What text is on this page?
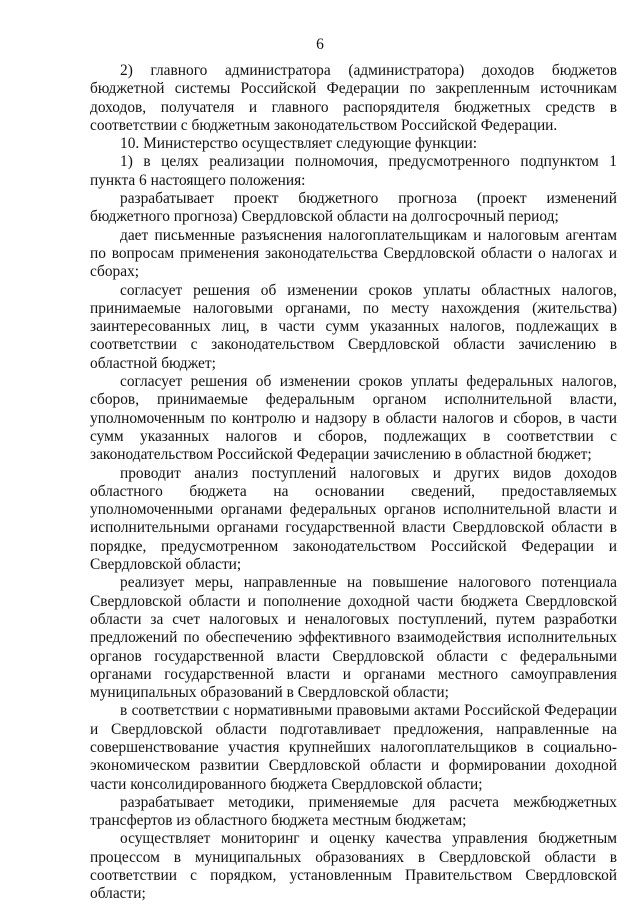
6

2) главного администратора (администратора) доходов бюджетов бюджетной системы Российской Федерации по закрепленным источникам доходов, получателя и главного распорядителя бюджетных средств в соответствии с бюджетным законодательством Российской Федерации.

10. Министерство осуществляет следующие функции:

1) в целях реализации полномочия, предусмотренного подпунктом 1 пункта 6 настоящего положения:

разрабатывает проект бюджетного прогноза (проект изменений бюджетного прогноза) Свердловской области на долгосрочный период;

дает письменные разъяснения налогоплательщикам и налоговым агентам по вопросам применения законодательства Свердловской области о налогах и сборах;

согласует решения об изменении сроков уплаты областных налогов, принимаемые налоговыми органами, по месту нахождения (жительства) заинтересованных лиц, в части сумм указанных налогов, подлежащих в соответствии с законодательством Свердловской области зачислению в областной бюджет;

согласует решения об изменении сроков уплаты федеральных налогов, сборов, принимаемые федеральным органом исполнительной власти, уполномоченным по контролю и надзору в области налогов и сборов, в части сумм указанных налогов и сборов, подлежащих в соответствии с законодательством Российской Федерации зачислению в областной бюджет;

проводит анализ поступлений налоговых и других видов доходов областного бюджета на основании сведений, предоставляемых уполномоченными органами федеральных органов исполнительной власти и исполнительными органами государственной власти Свердловской области в порядке, предусмотренном законодательством Российской Федерации и Свердловской области;

реализует меры, направленные на повышение налогового потенциала Свердловской области и пополнение доходной части бюджета Свердловской области за счет налоговых и неналоговых поступлений, путем разработки предложений по обеспечению эффективного взаимодействия исполнительных органов государственной власти Свердловской области с федеральными органами государственной власти и органами местного самоуправления муниципальных образований в Свердловской области;

в соответствии с нормативными правовыми актами Российской Федерации и Свердловской области подготавливает предложения, направленные на совершенствование участия крупнейших налогоплательщиков в социально-экономическом развитии Свердловской области и формировании доходной части консолидированного бюджета Свердловской области;

разрабатывает методики, применяемые для расчета межбюджетных трансфертов из областного бюджета местным бюджетам;

осуществляет мониторинг и оценку качества управления бюджетным процессом в муниципальных образованиях в Свердловской области в соответствии с порядком, установленным Правительством Свердловской области;
